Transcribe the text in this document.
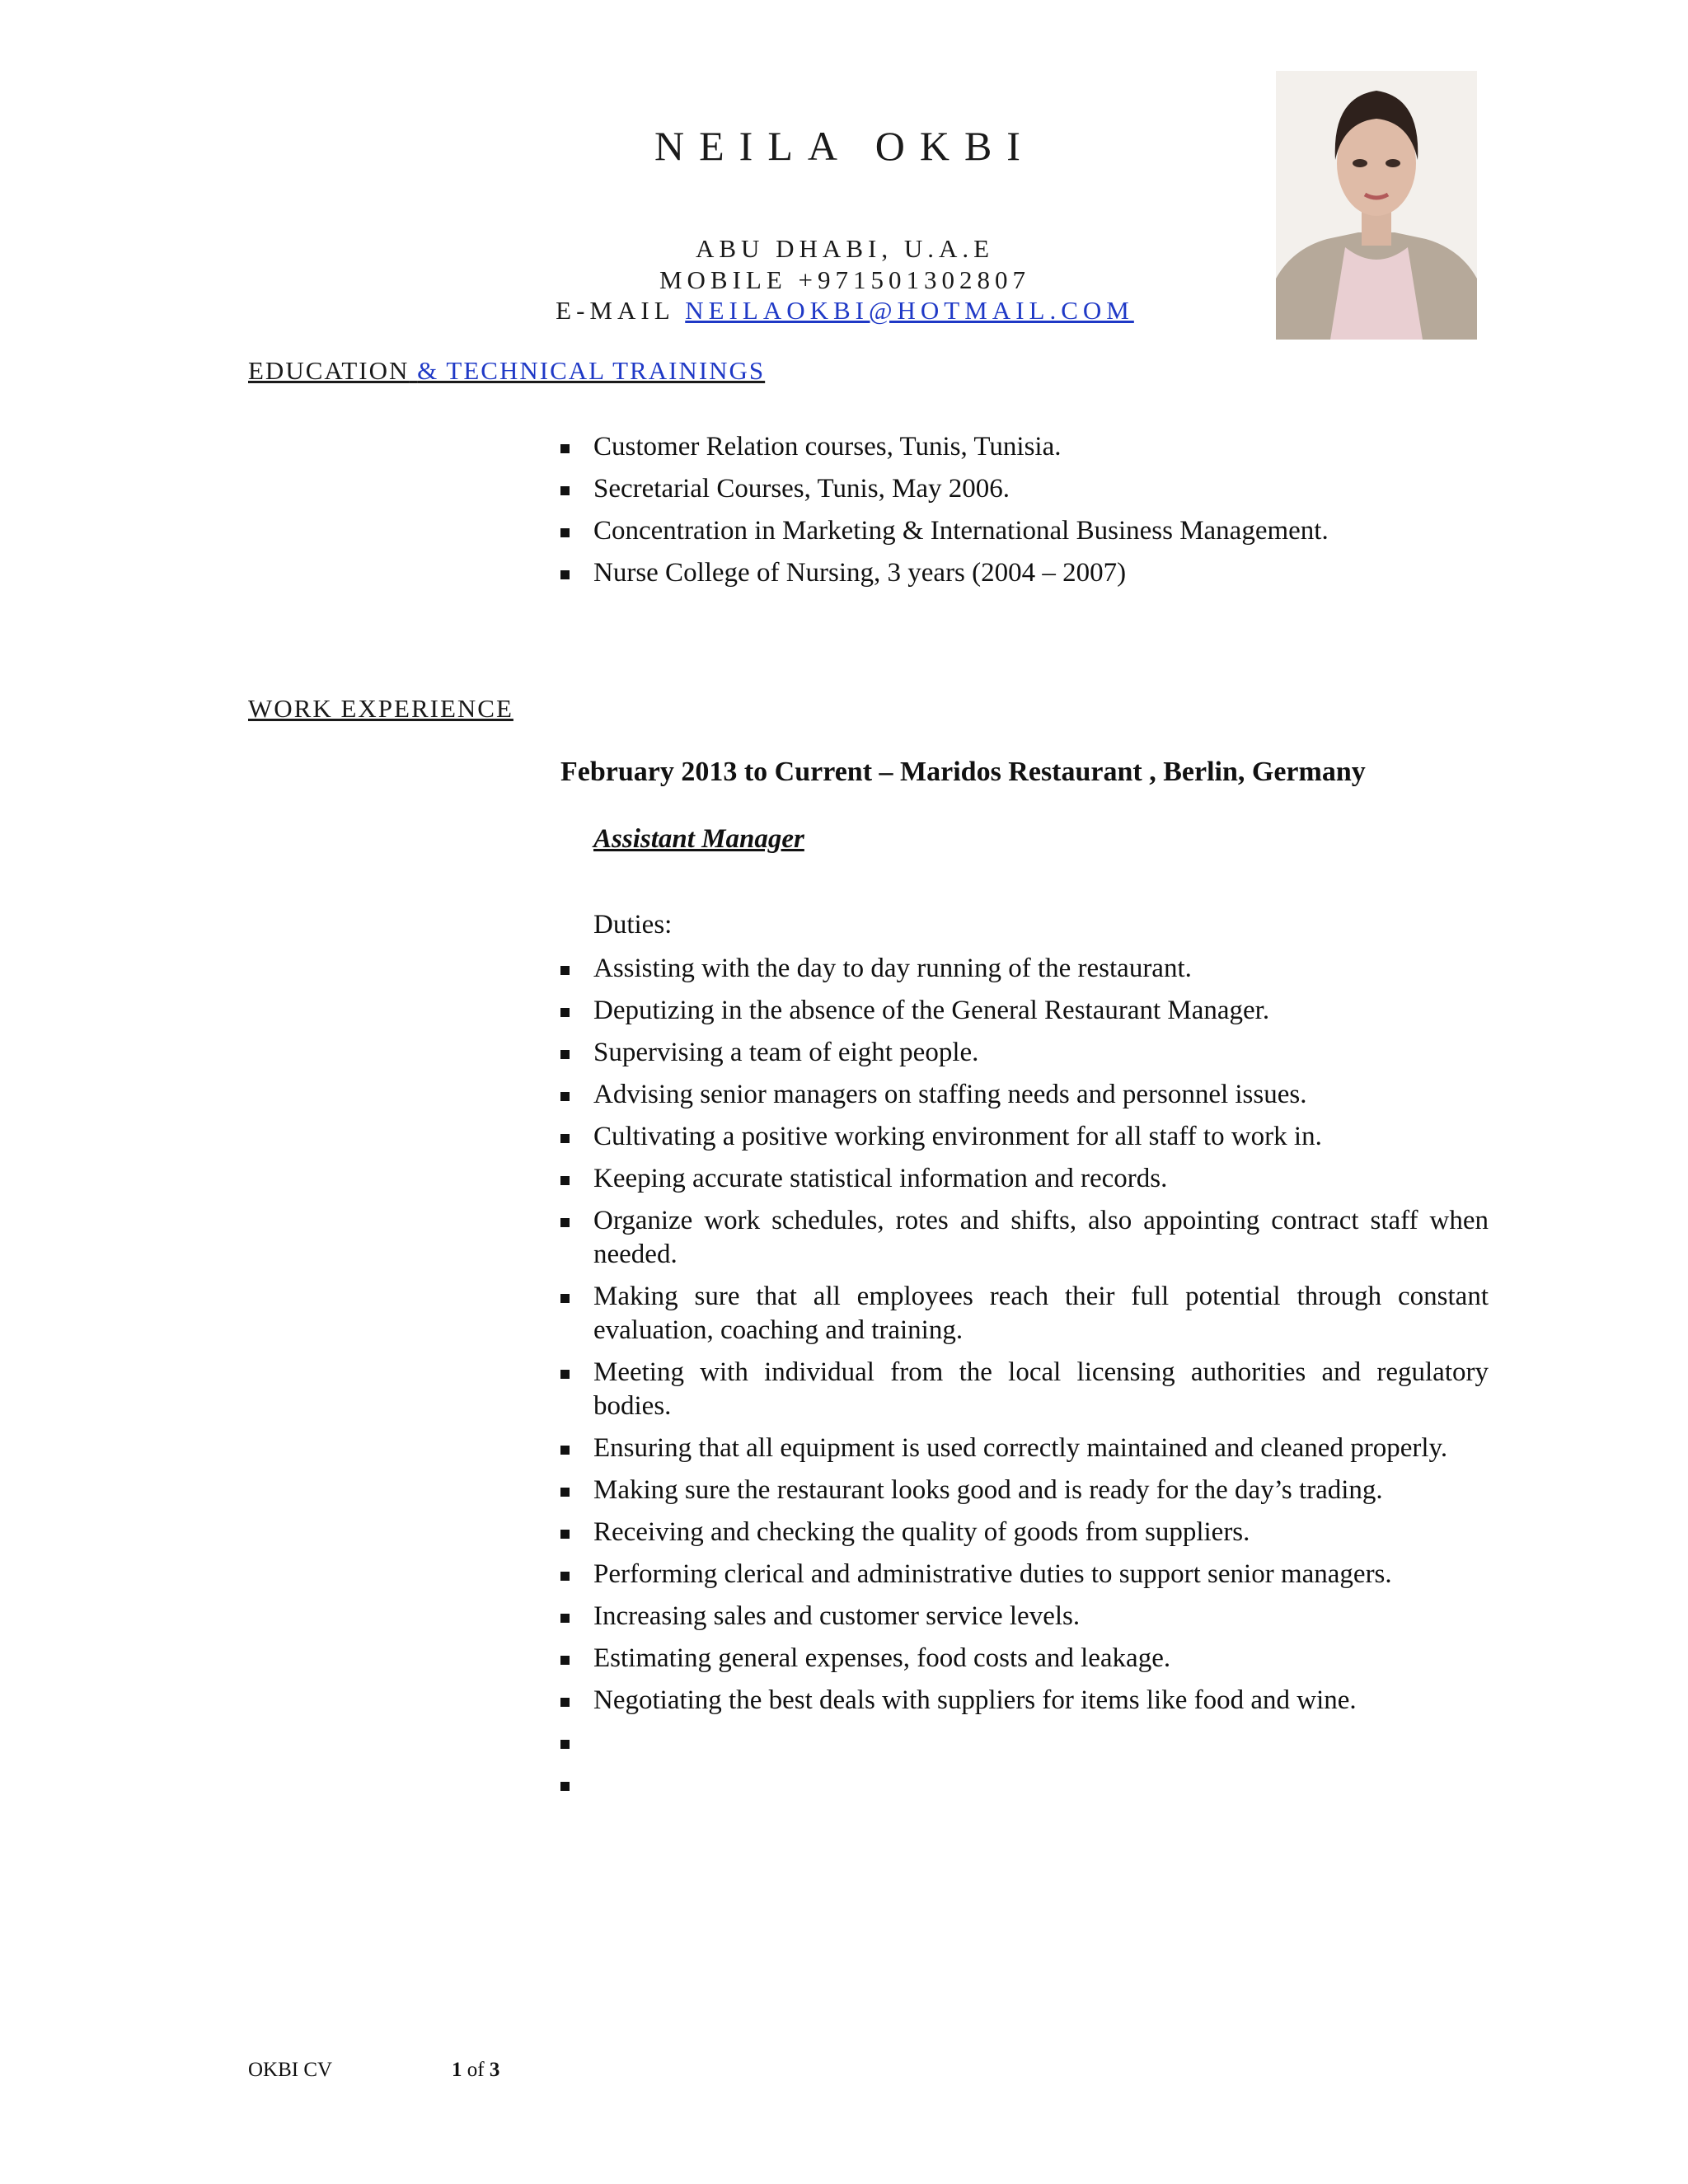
NEILA OKBI
ABU DHABI, U.A.E
MOBILE +971501302807
E-MAIL NEILAOKBI@HOTMAIL.COM
EDUCATION & TECHNICAL TRAININGS
Customer Relation courses, Tunis, Tunisia.
Secretarial Courses, Tunis, May 2006.
Concentration in Marketing & International Business Management.
Nurse College of Nursing, 3 years (2004 – 2007)
WORK EXPERIENCE
February 2013 to Current – Maridos Restaurant , Berlin, Germany
Assistant Manager
Duties:
Assisting with the day to day running of the restaurant.
Deputizing in the absence of the General Restaurant Manager.
Supervising a team of eight people.
Advising senior managers on staffing needs and personnel issues.
Cultivating a positive working environment for all staff to work in.
Keeping accurate statistical information and records.
Organize work schedules, rotes and shifts, also appointing contract staff when needed.
Making sure that all employees reach their full potential through constant evaluation, coaching and training.
Meeting with individual from the local licensing authorities and regulatory bodies.
Ensuring that all equipment is used correctly maintained and cleaned properly.
Making sure the restaurant looks good and is ready for the day’s trading.
Receiving and checking the quality of goods from suppliers.
Performing clerical and administrative duties to support senior managers.
Increasing sales and customer service levels.
Estimating general expenses, food costs and leakage.
Negotiating the best deals with suppliers for items like food and wine.
OKBI CV	1 of 3
